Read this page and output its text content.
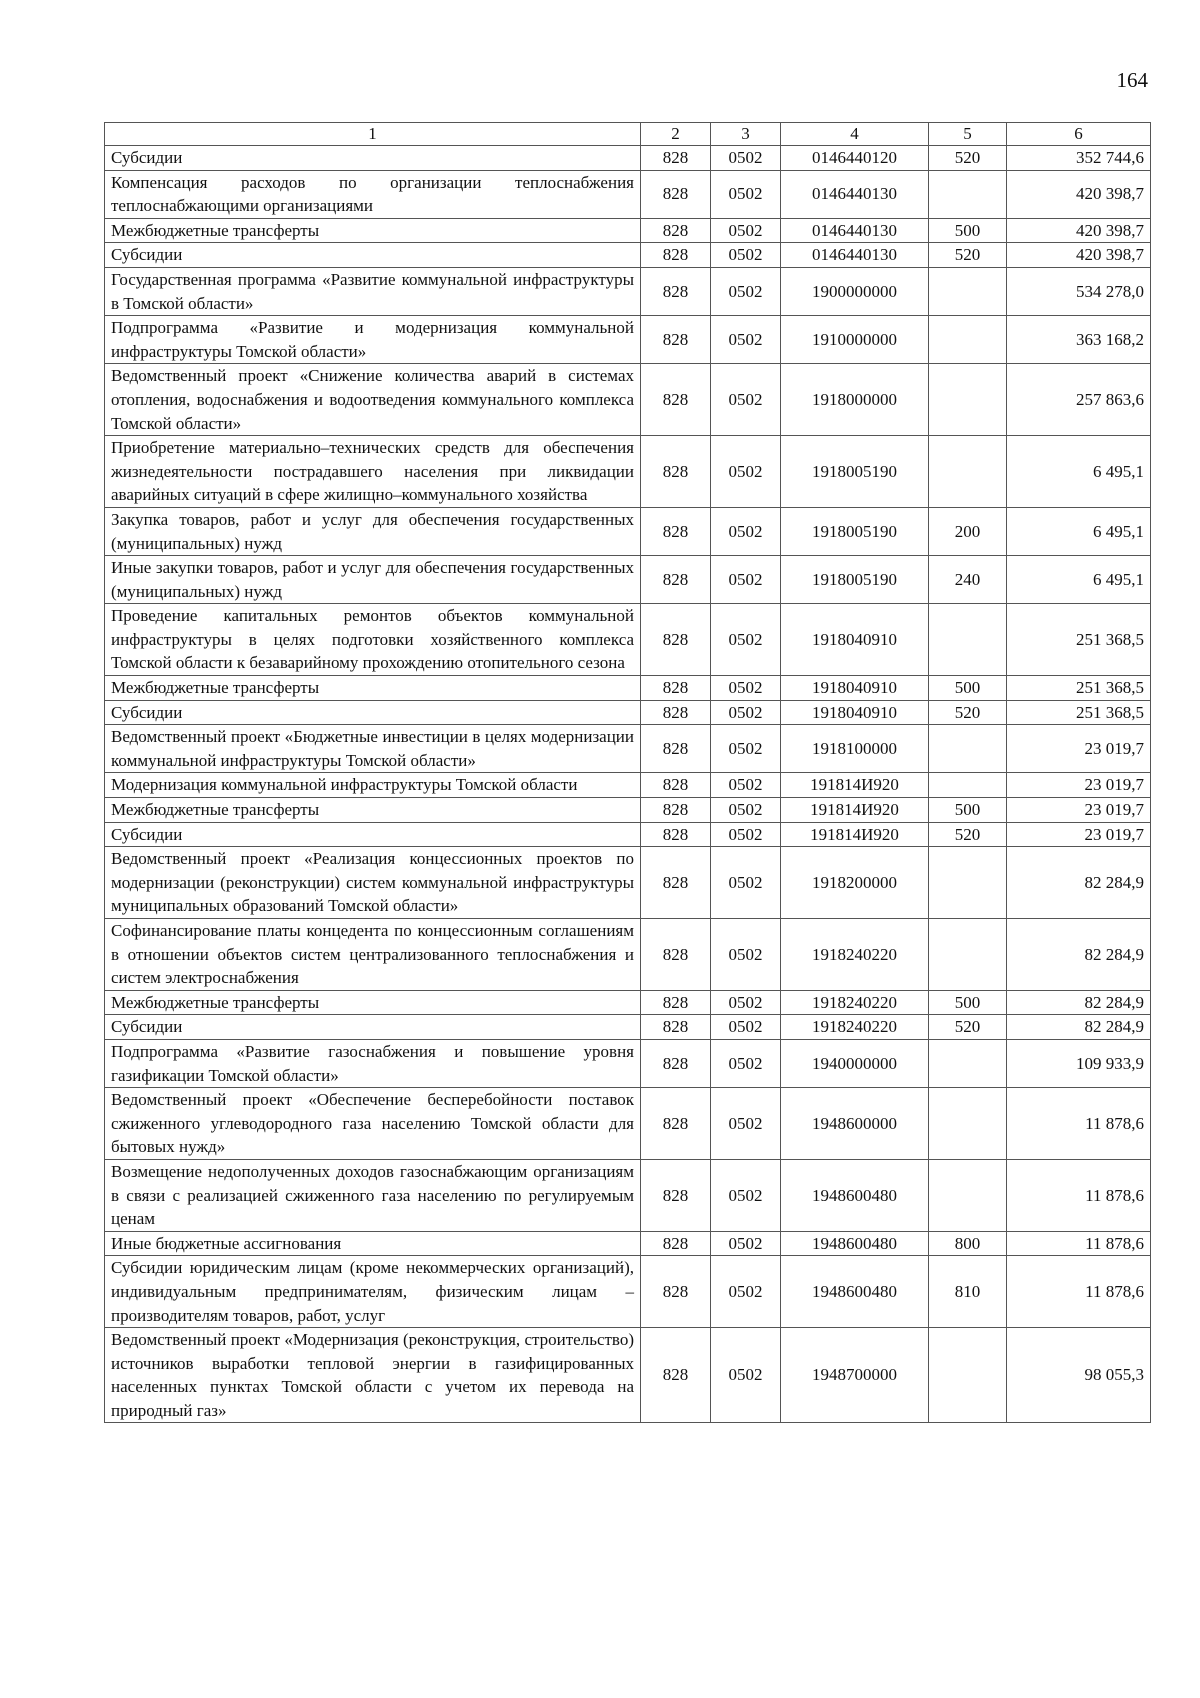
164
1	2	3	4	5	6
Субсидии	828	0502	0146440120	520	352 744,6
Компенсация расходов по организации теплоснабжения теплоснабжающими организациями	828	0502	0146440130		420 398,7
Межбюджетные трансферты	828	0502	0146440130	500	420 398,7
Субсидии	828	0502	0146440130	520	420 398,7
Государственная программа «Развитие коммунальной инфраструктуры в Томской области»	828	0502	1900000000		534 278,0
Подпрограмма «Развитие и модернизация коммунальной инфраструктуры Томской области»	828	0502	1910000000		363 168,2
Ведомственный проект «Снижение количества аварий в системах отопления, водоснабжения и водоотведения коммунального комплекса Томской области»	828	0502	1918000000		257 863,6
Приобретение материально–технических средств для обеспечения жизнедеятельности пострадавшего населения при ликвидации аварийных ситуаций в сфере жилищно–коммунального хозяйства	828	0502	1918005190		6 495,1
Закупка товаров, работ и услуг для обеспечения государственных (муниципальных) нужд	828	0502	1918005190	200	6 495,1
Иные закупки товаров, работ и услуг для обеспечения государственных (муниципальных) нужд	828	0502	1918005190	240	6 495,1
Проведение капитальных ремонтов объектов коммунальной инфраструктуры в целях подготовки хозяйственного комплекса Томской области к безаварийному прохождению отопительного сезона	828	0502	1918040910		251 368,5
Межбюджетные трансферты	828	0502	1918040910	500	251 368,5
Субсидии	828	0502	1918040910	520	251 368,5
Ведомственный проект «Бюджетные инвестиции в целях модернизации коммунальной инфраструктуры Томской области»	828	0502	1918100000		23 019,7
Модернизация коммунальной инфраструктуры Томской области	828	0502	191814И920		23 019,7
Межбюджетные трансферты	828	0502	191814И920	500	23 019,7
Субсидии	828	0502	191814И920	520	23 019,7
Ведомственный проект «Реализация концессионных проектов по модернизации (реконструкции) систем коммунальной инфраструктуры муниципальных образований Томской области»	828	0502	1918200000		82 284,9
Софинансирование платы концедента по концессионным соглашениям в отношении объектов систем централизованного теплоснабжения и систем электроснабжения	828	0502	1918240220		82 284,9
Межбюджетные трансферты	828	0502	1918240220	500	82 284,9
Субсидии	828	0502	1918240220	520	82 284,9
Подпрограмма «Развитие газоснабжения и повышение уровня газификации Томской области»	828	0502	1940000000		109 933,9
Ведомственный проект «Обеспечение бесперебойности поставок сжиженного углеводородного газа населению Томской области для бытовых нужд»	828	0502	1948600000		11 878,6
Возмещение недополученных доходов газоснабжающим организациям в связи с реализацией сжиженного газа населению по регулируемым ценам	828	0502	1948600480		11 878,6
Иные бюджетные ассигнования	828	0502	1948600480	800	11 878,6
Субсидии юридическим лицам (кроме некоммерческих организаций), индивидуальным предпринимателям, физическим лицам – производителям товаров, работ, услуг	828	0502	1948600480	810	11 878,6
Ведомственный проект «Модернизация (реконструкция, строительство) источников выработки тепловой энергии в газифицированных населенных пунктах Томской области с учетом их перевода на природный газ»	828	0502	1948700000		98 055,3
